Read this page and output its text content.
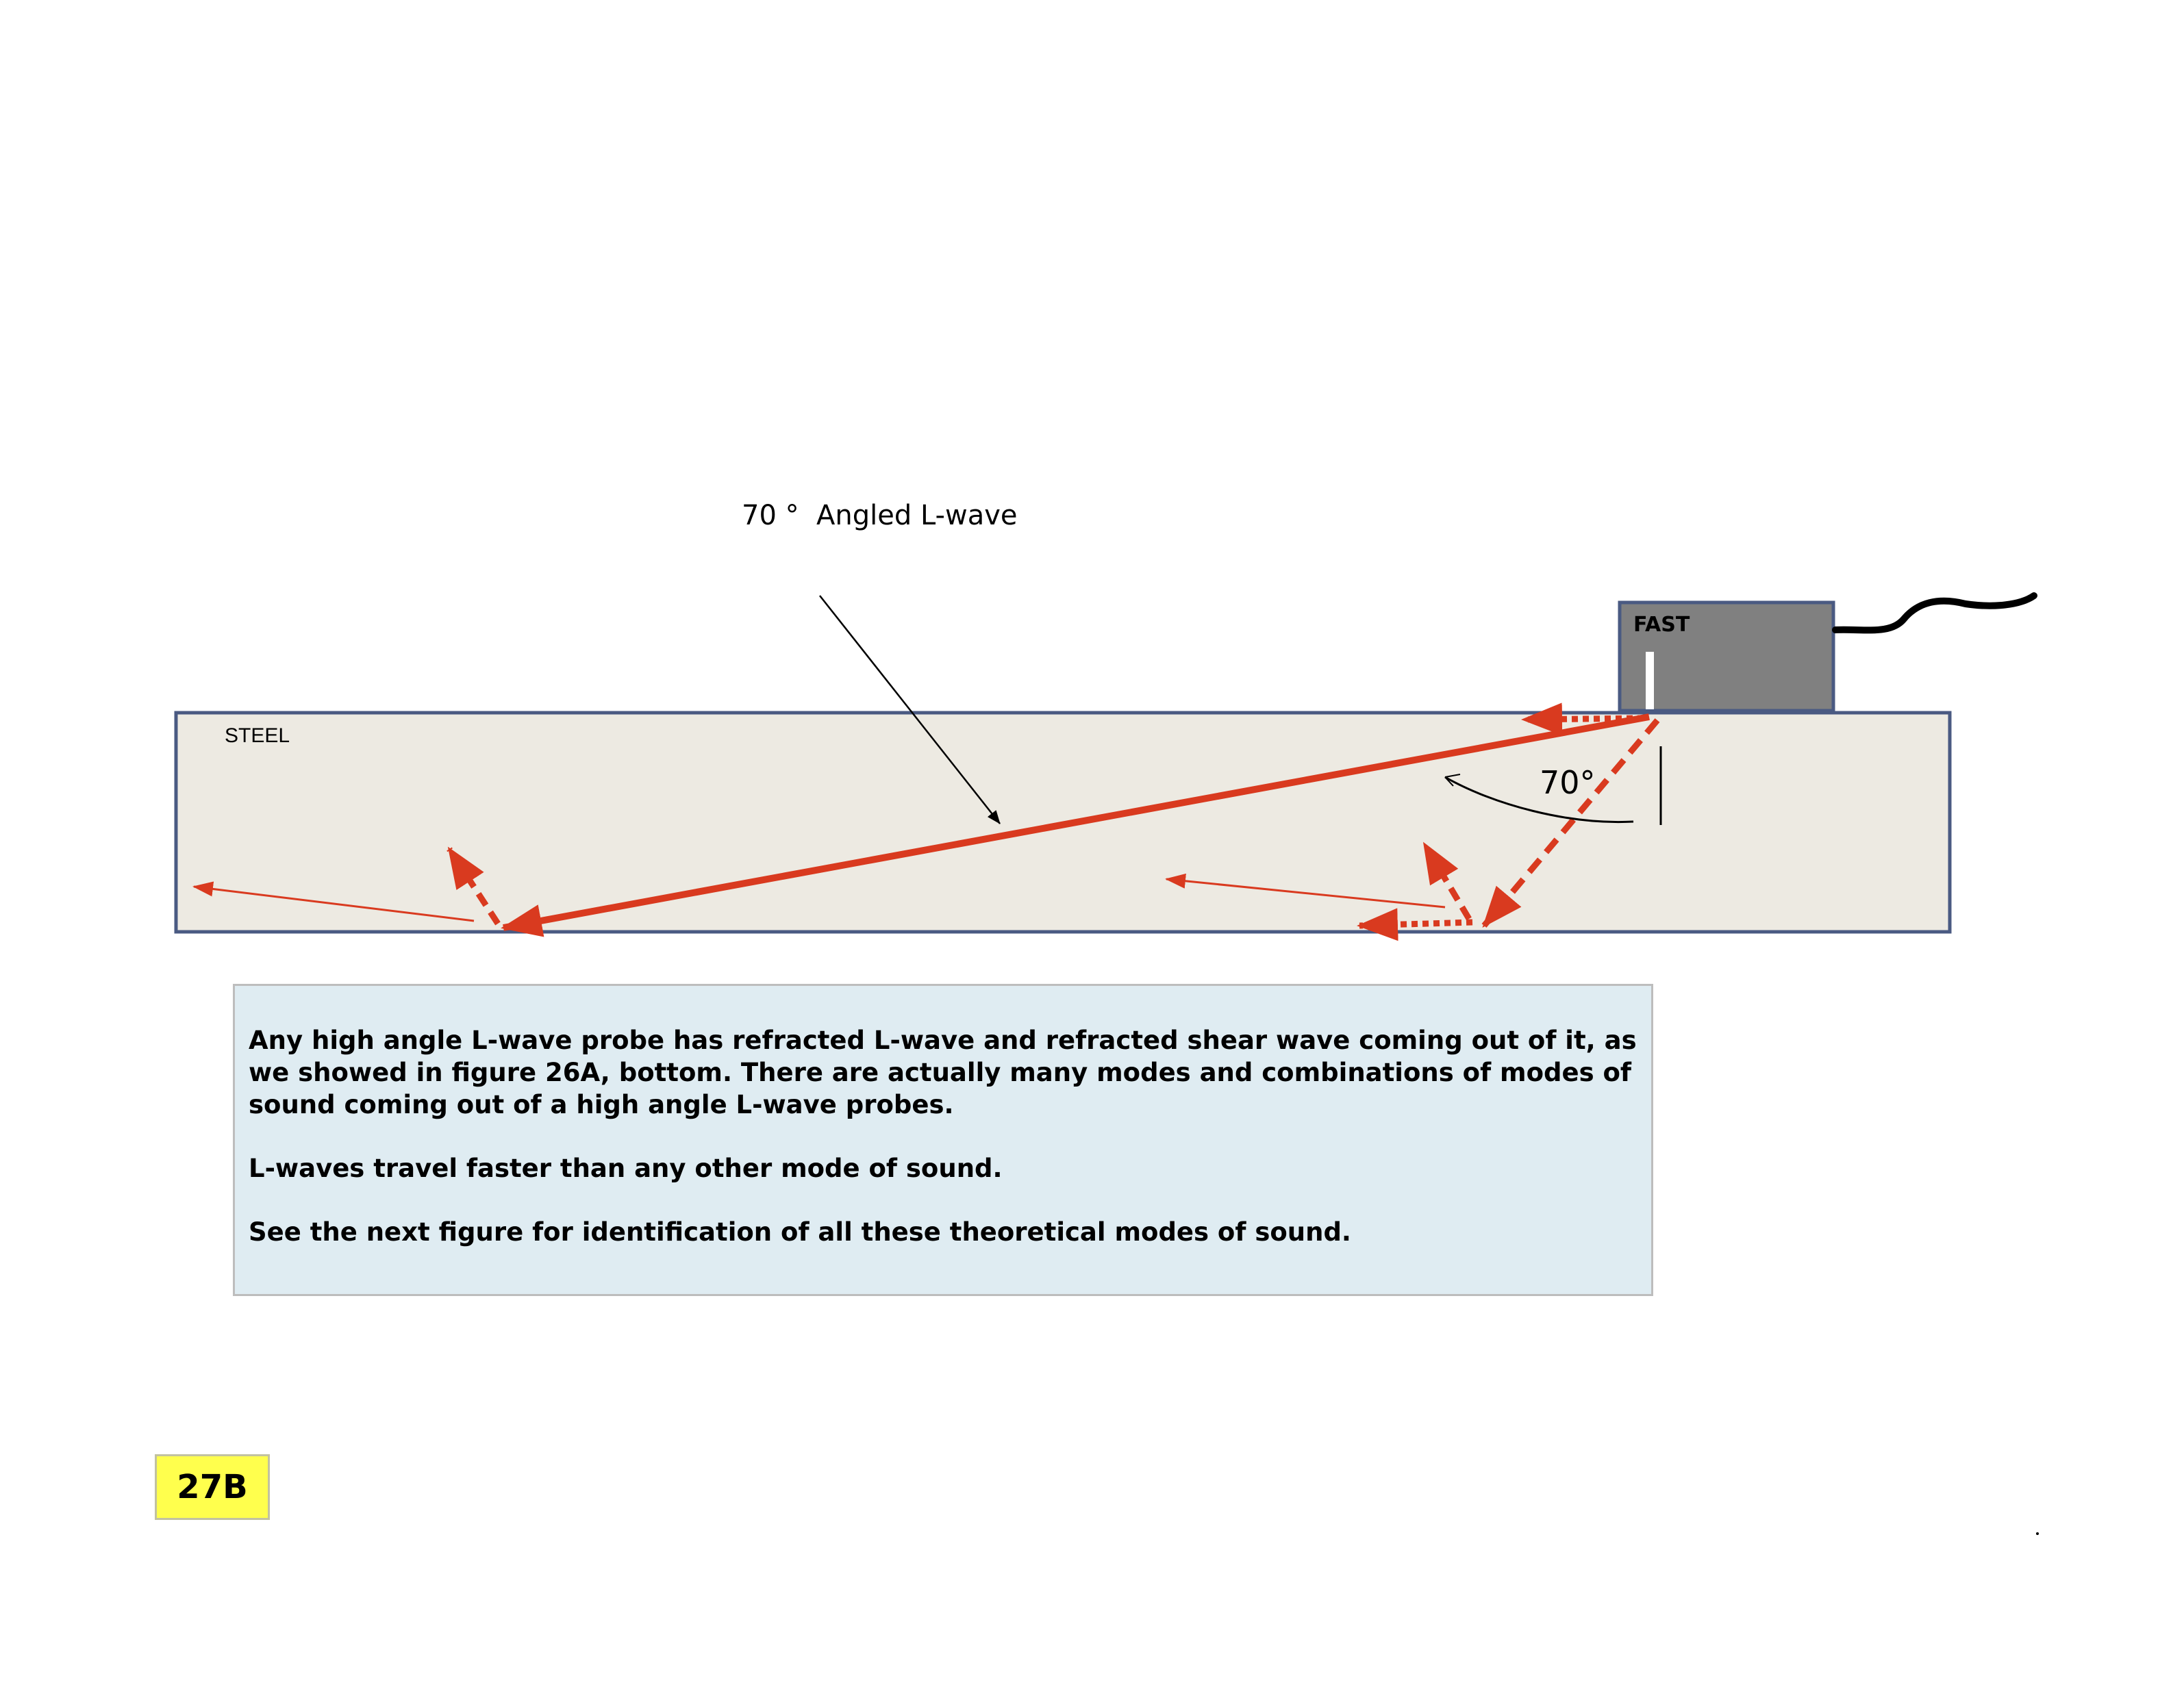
STEEL
FAST
70°
70 °  Angled L-wave

Any high angle L-wave probe has refracted L-wave and refracted shear wave coming out of it, as we showed in figure 26A, bottom. There are actually many modes and combinations of modes of sound coming out of a high angle L-wave probes.

L-waves travel faster than any other mode of sound.

See the next figure for identification of all these theoretical modes of sound.

27B
